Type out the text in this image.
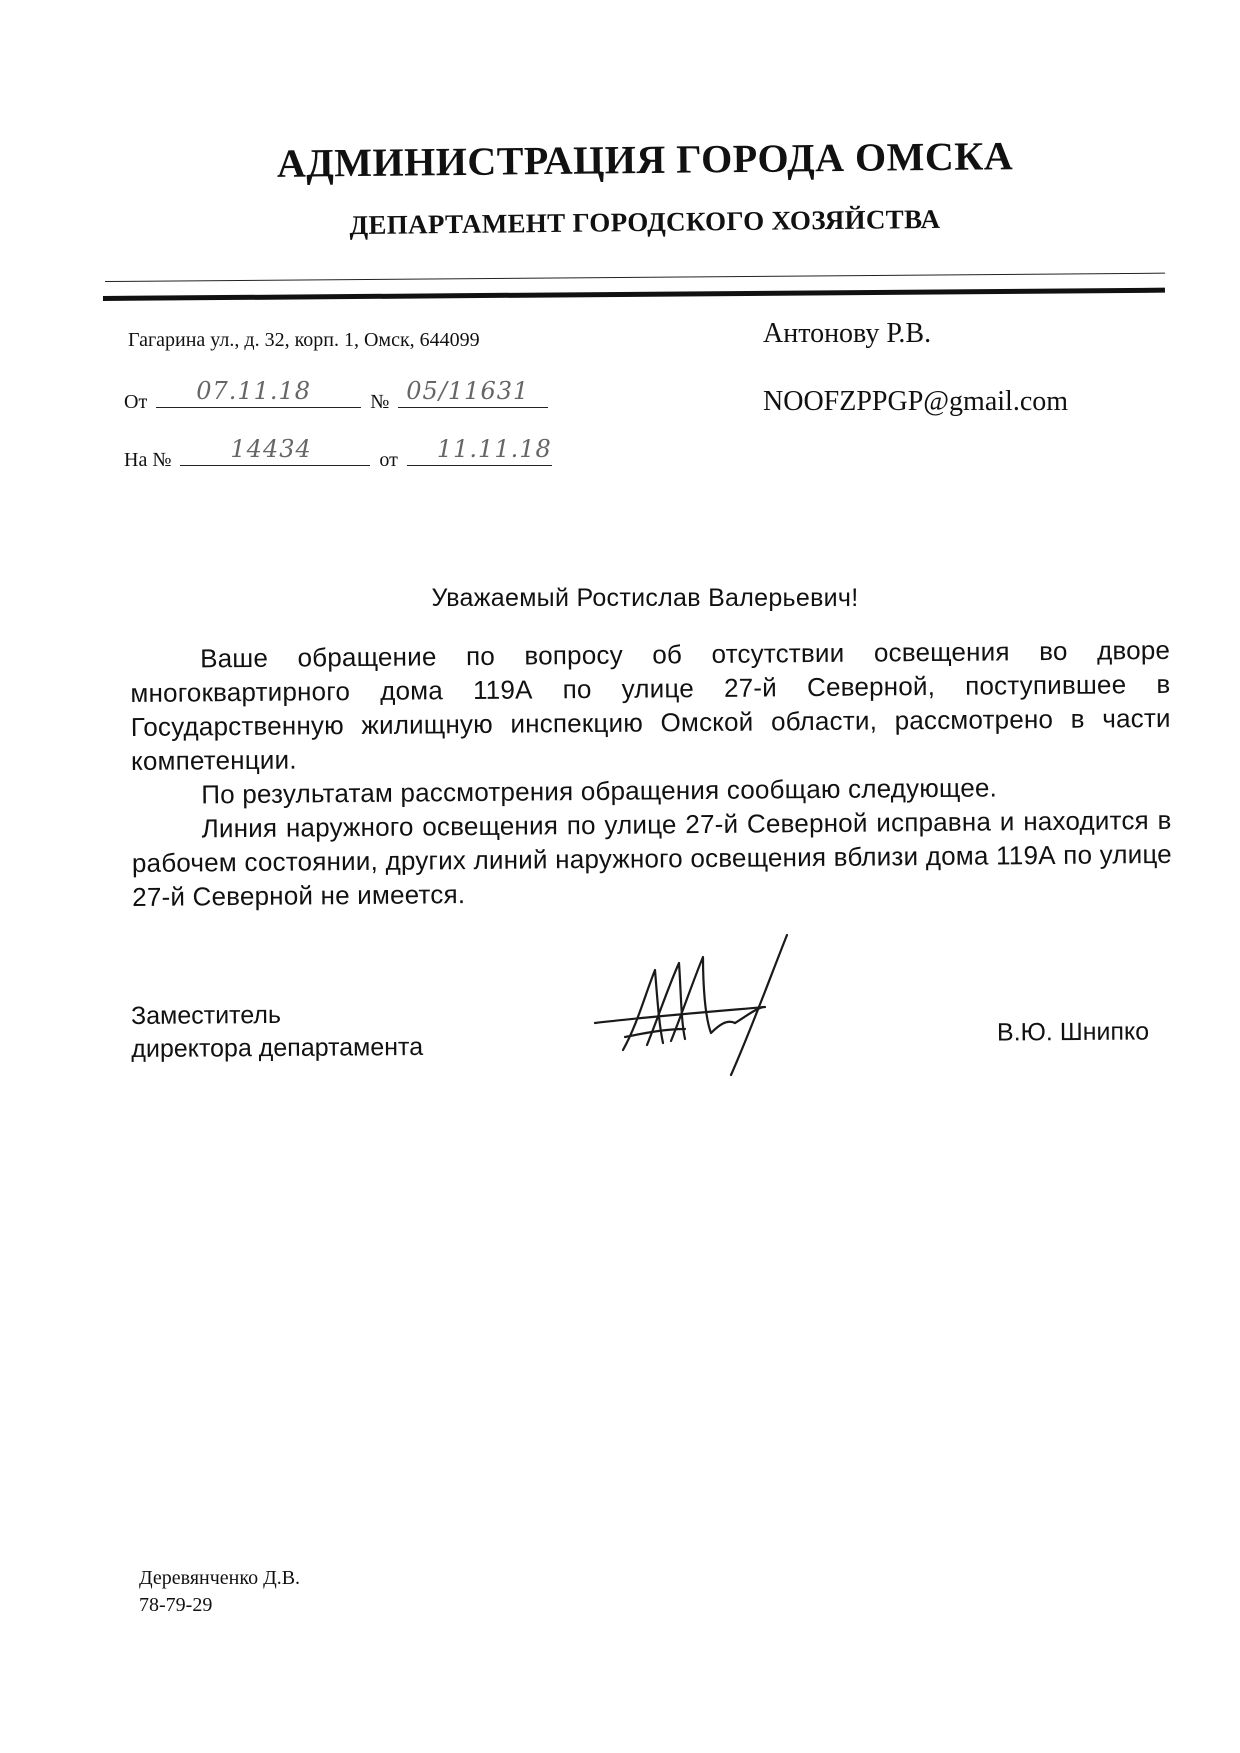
АДМИНИСТРАЦИЯ ГОРОДА ОМСКА
ДЕПАРТАМЕНТ ГОРОДСКОГО ХОЗЯЙСТВА
Гагарина ул., д. 32, корп. 1, Омск, 644099
От 07.11.18	№ 05/11631
На № 14434	от 11.11.18
Антонову Р.В.
NOOFZPPGP@gmail.com
Уважаемый Ростислав Валерьевич!

Ваше обращение по вопросу об отсутствии освещения во дворе многоквартирного дома 119А по улице 27-й Северной, поступившее в Государственную жилищную инспекцию Омской области, рассмотрено в части компетенции.

По результатам рассмотрения обращения сообщаю следующее.

Линия наружного освещения по улице 27-й Северной исправна и находится в рабочем состоянии, других линий наружного освещения вблизи дома 119А по улице 27-й Северной не имеется.

Заместитель
директора департамента
В.Ю. Шнипко
Деревянченко Д.В.
78-79-29
